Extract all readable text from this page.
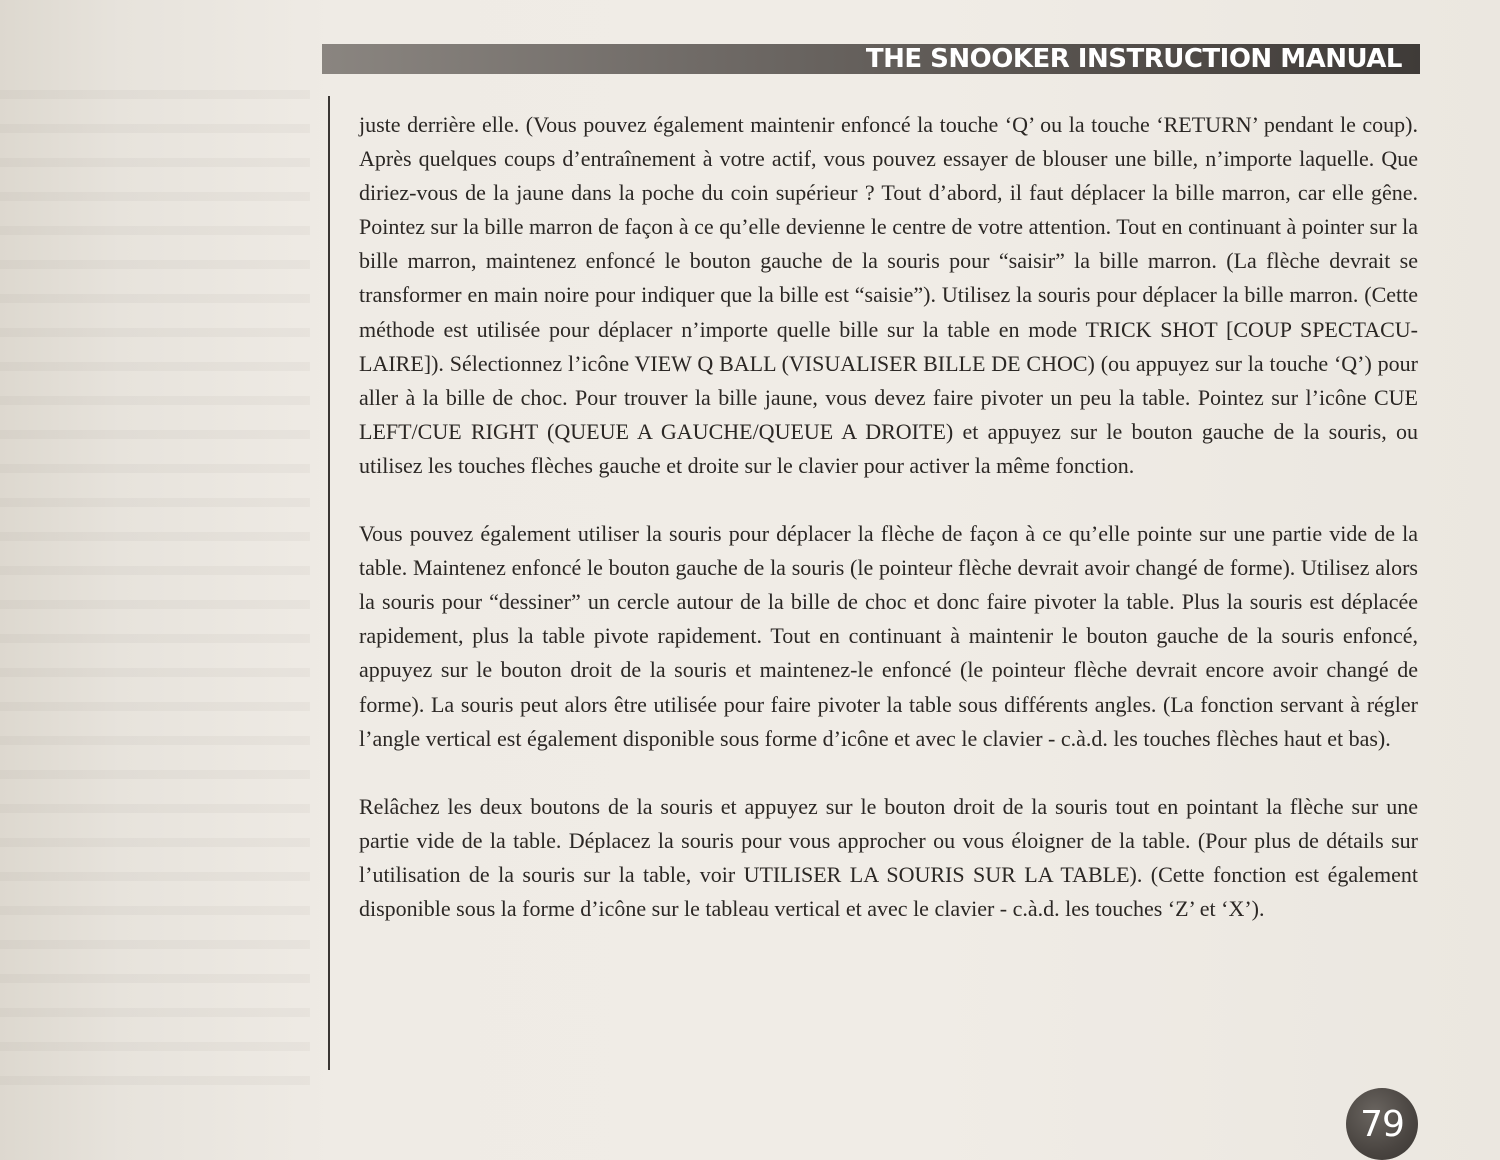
THE SNOOKER INSTRUCTION MANUAL

juste derrière elle. (Vous pouvez également maintenir enfoncé la touche ‘Q’ ou la touche ‘RETURN’ pendant le coup). Après quelques coups d’entraînement à votre actif, vous pouvez essayer de blouser une bille, n’importe laquelle. Que diriez-vous de la jaune dans la poche du coin supérieur ? Tout d’abord, il faut déplacer la bille marron, car elle gêne. Pointez sur la bille marron de façon à ce qu’elle devienne le centre de votre attention. Tout en continuant à pointer sur la bille marron, maintenez enfoncé le bouton gauche de la souris pour “saisir” la bille marron. (La flèche devrait se transformer en main noire pour indiquer que la bille est “saisie”). Utilisez la souris pour déplacer la bille marron. (Cette méthode est utilisée pour déplacer n’importe quelle bille sur la table en mode TRICK SHOT [COUP SPECTACU-LAIRE]). Sélectionnez l’icône VIEW Q BALL (VISUALISER BILLE DE CHOC) (ou appuyez sur la touche ‘Q’) pour aller à la bille de choc. Pour trouver la bille jaune, vous devez faire pivoter un peu la table. Pointez sur l’icône CUE LEFT/CUE RIGHT (QUEUE A GAUCHE/QUEUE A DROITE) et appuyez sur le bouton gauche de la souris, ou utilisez les touches flèches gauche et droite sur le clavier pour activer la même fonction.

Vous pouvez également utiliser la souris pour déplacer la flèche de façon à ce qu’elle pointe sur une partie vide de la table. Maintenez enfoncé le bouton gauche de la souris (le pointeur flèche devrait avoir changé de forme). Utilisez alors la souris pour “dessiner” un cercle autour de la bille de choc et donc faire pivoter la table. Plus la souris est déplacée rapidement, plus la table pivote rapidement. Tout en continuant à maintenir le bouton gauche de la souris enfoncé, appuyez sur le bouton droit de la souris et maintenez-le enfoncé (le pointeur flèche devrait encore avoir changé de forme). La souris peut alors être utilisée pour faire pivoter la table sous différents angles. (La fonction servant à régler l’angle vertical est également disponible sous forme d’icône et avec le clavier - c.à.d. les touches flèches haut et bas).

Relâchez les deux boutons de la souris et appuyez sur le bouton droit de la souris tout en pointant la flèche sur une partie vide de la table. Déplacez la souris pour vous approcher ou vous éloigner de la table. (Pour plus de détails sur l’utilisation de la souris sur la table, voir UTILISER LA SOURIS SUR LA TABLE). (Cette fonction est également disponible sous la forme d’icône sur le tableau vertical et avec le clavier - c.à.d. les touches ‘Z’ et ‘X’).

79
